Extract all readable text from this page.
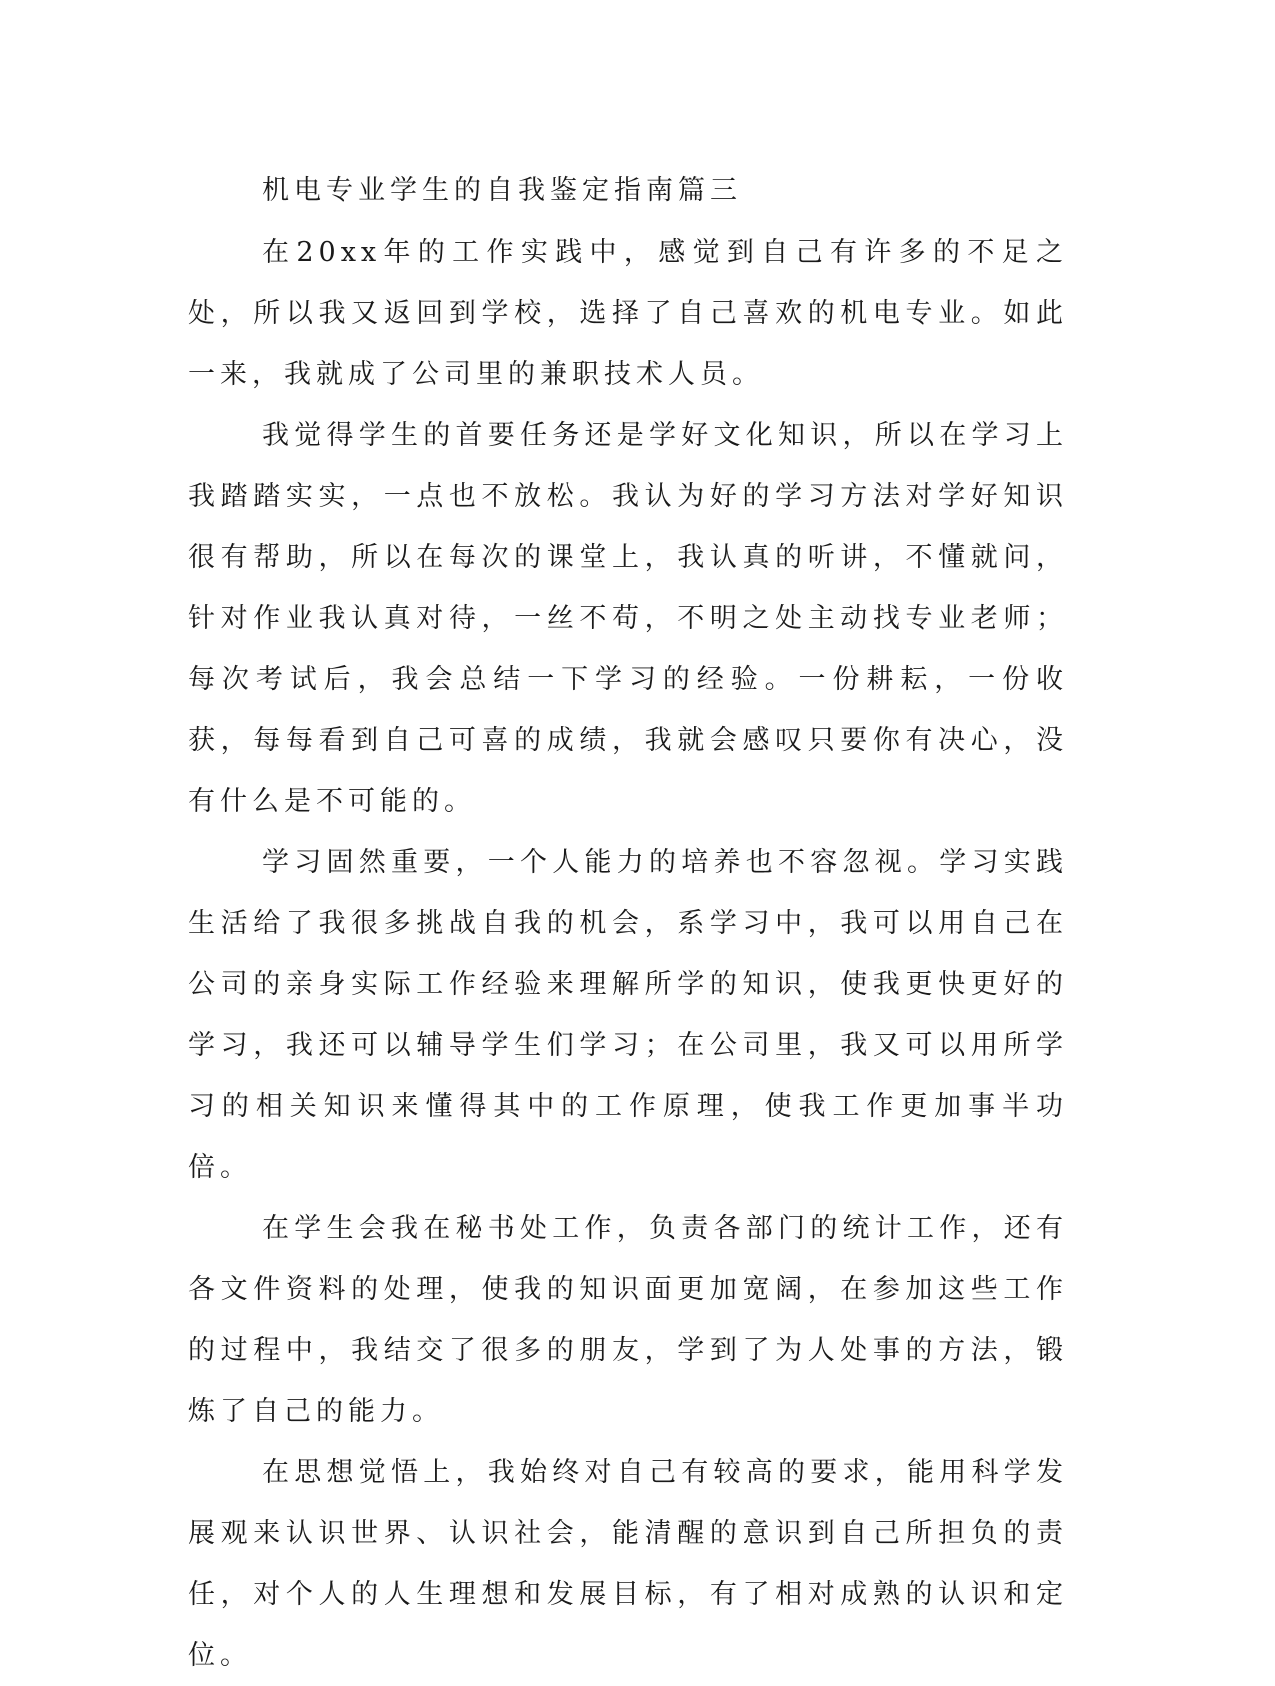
机电专业学生的自我鉴定指南篇三

在20xx年的工作实践中，感觉到自己有许多的不足之处，所以我又返回到学校，选择了自己喜欢的机电专业。如此一来，我就成了公司里的兼职技术人员。

我觉得学生的首要任务还是学好文化知识，所以在学习上我踏踏实实，一点也不放松。我认为好的学习方法对学好知识很有帮助，所以在每次的课堂上，我认真的听讲，不懂就问，针对作业我认真对待，一丝不苟，不明之处主动找专业老师；每次考试后，我会总结一下学习的经验。一份耕耘，一份收获，每每看到自己可喜的成绩，我就会感叹只要你有决心，没有什么是不可能的。

学习固然重要，一个人能力的培养也不容忽视。学习实践生活给了我很多挑战自我的机会，系学习中，我可以用自己在公司的亲身实际工作经验来理解所学的知识，使我更快更好的学习，我还可以辅导学生们学习；在公司里，我又可以用所学习的相关知识来懂得其中的工作原理，使我工作更加事半功倍。

在学生会我在秘书处工作，负责各部门的统计工作，还有各文件资料的处理，使我的知识面更加宽阔，在参加这些工作的过程中，我结交了很多的朋友，学到了为人处事的方法，锻炼了自己的能力。

在思想觉悟上，我始终对自己有较高的要求，能用科学发展观来认识世界、认识社会，能清醒的意识到自己所担负的责任，对个人的人生理想和发展目标，有了相对成熟的认识和定位。
